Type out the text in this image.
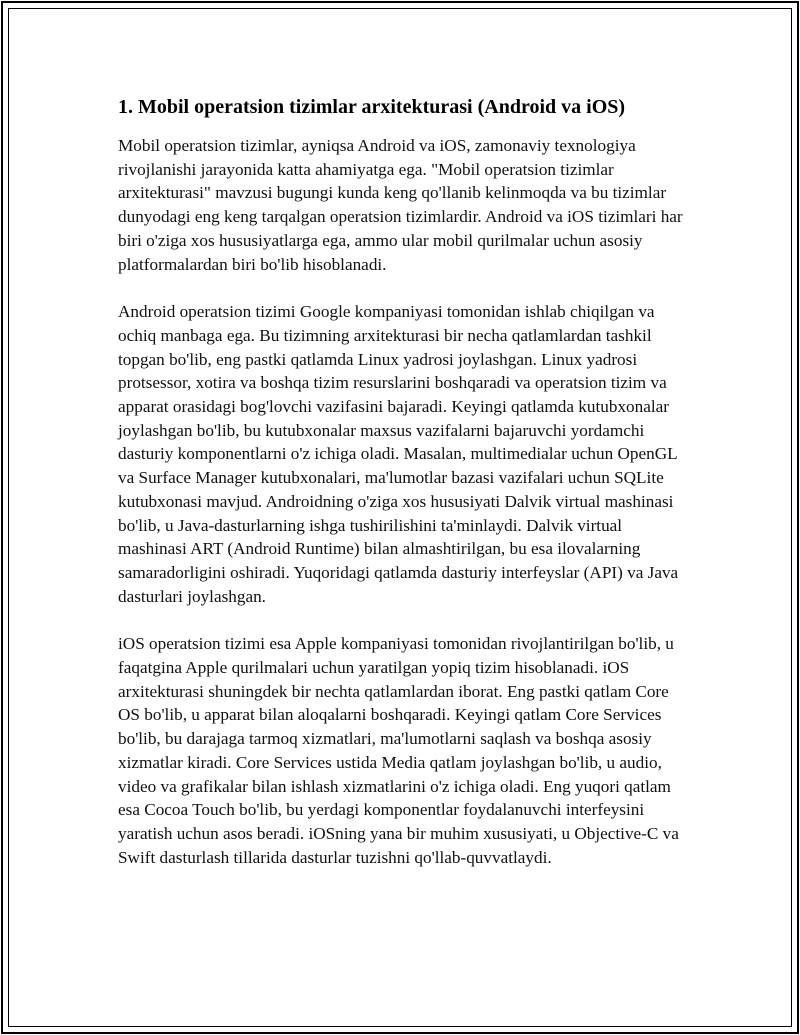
1. Mobil operatsion tizimlar arxitekturasi (Android va iOS)

Mobil operatsion tizimlar, ayniqsa Android va iOS, zamonaviy texnologiya rivojlanishi jarayonida katta ahamiyatga ega. "Mobil operatsion tizimlar arxitekturasi" mavzusi bugungi kunda keng qo'llanib kelinmoqda va bu tizimlar dunyodagi eng keng tarqalgan operatsion tizimlardir. Android va iOS tizimlari har biri o'ziga xos hususiyatlarga ega, ammo ular mobil qurilmalar uchun asosiy platformalardan biri bo'lib hisoblanadi.

Android operatsion tizimi Google kompaniyasi tomonidan ishlab chiqilgan va ochiq manbaga ega. Bu tizimning arxitekturasi bir necha qatlamlardan tashkil topgan bo'lib, eng pastki qatlamda Linux yadrosi joylashgan. Linux yadrosi protsessor, xotira va boshqa tizim resurslarini boshqaradi va operatsion tizim va apparat orasidagi bog'lovchi vazifasini bajaradi. Keyingi qatlamda kutubxonalar joylashgan bo'lib, bu kutubxonalar maxsus vazifalarni bajaruvchi yordamchi dasturiy komponentlarni o'z ichiga oladi. Masalan, multimedialar uchun OpenGL va Surface Manager kutubxonalari, ma'lumotlar bazasi vazifalari uchun SQLite kutubxonasi mavjud. Androidning o'ziga xos hususiyati Dalvik virtual mashinasi bo'lib, u Java-dasturlarning ishga tushirilishini ta'minlaydi. Dalvik virtual mashinasi ART (Android Runtime) bilan almashtirilgan, bu esa ilovalarning samaradorligini oshiradi. Yuqoridagi qatlamda dasturiy interfeyslar (API) va Java dasturlari joylashgan.

iOS operatsion tizimi esa Apple kompaniyasi tomonidan rivojlantirilgan bo'lib, u faqatgina Apple qurilmalari uchun yaratilgan yopiq tizim hisoblanadi. iOS arxitekturasi shuningdek bir nechta qatlamlardan iborat. Eng pastki qatlam Core OS bo'lib, u apparat bilan aloqalarni boshqaradi. Keyingi qatlam Core Services bo'lib, bu darajaga tarmoq xizmatlari, ma'lumotlarni saqlash va boshqa asosiy xizmatlar kiradi. Core Services ustida Media qatlam joylashgan bo'lib, u audio, video va grafikalar bilan ishlash xizmatlarini o'z ichiga oladi. Eng yuqori qatlam esa Cocoa Touch bo'lib, bu yerdagi komponentlar foydalanuvchi interfeysini yaratish uchun asos beradi. iOSning yana bir muhim xususiyati, u Objective-C va Swift dasturlash tillarida dasturlar tuzishni qo'llab-quvvatlaydi.
